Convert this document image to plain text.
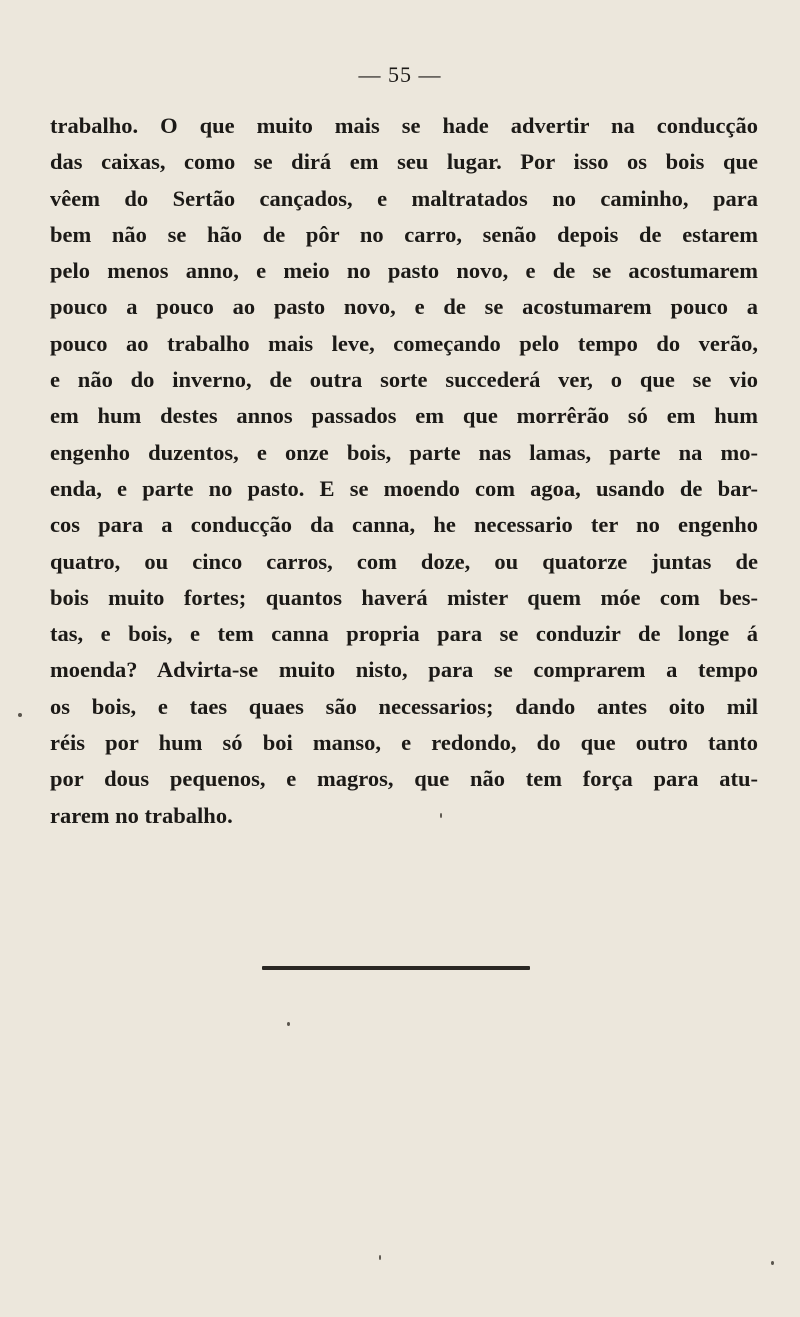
— 55 —
trabalho. O que muito mais se hade advertir na conducção
das caixas, como se dirá em seu lugar. Por isso os bois que
vêem do Sertão cançados, e maltratados no caminho, para
bem não se hão de pôr no carro, senão depois de estarem
pelo menos anno, e meio no pasto novo, e de se acostumarem
pouco a pouco ao pasto novo, e de se acostumarem pouco a
pouco ao trabalho mais leve, começando pelo tempo do verão,
e não do inverno, de outra sorte succederá ver, o que se vio
em hum destes annos passados em que morrêrão só em hum
engenho duzentos, e onze bois, parte nas lamas, parte na mo-
enda, e parte no pasto. E se moendo com agoa, usando de bar-
cos para a conducção da canna, he necessario ter no engenho
quatro, ou cinco carros, com doze, ou quatorze juntas de
bois muito fortes; quantos haverá mister quem móe com bes-
tas, e bois, e tem canna propria para se conduzir de longe á
moenda? Advirta-se muito nisto, para se comprarem a tempo
os bois, e taes quaes são necessarios; dando antes oito mil
réis por hum só boi manso, e redondo, do que outro tanto
por dous pequenos, e magros, que não tem força para atu-
rarem no trabalho.
